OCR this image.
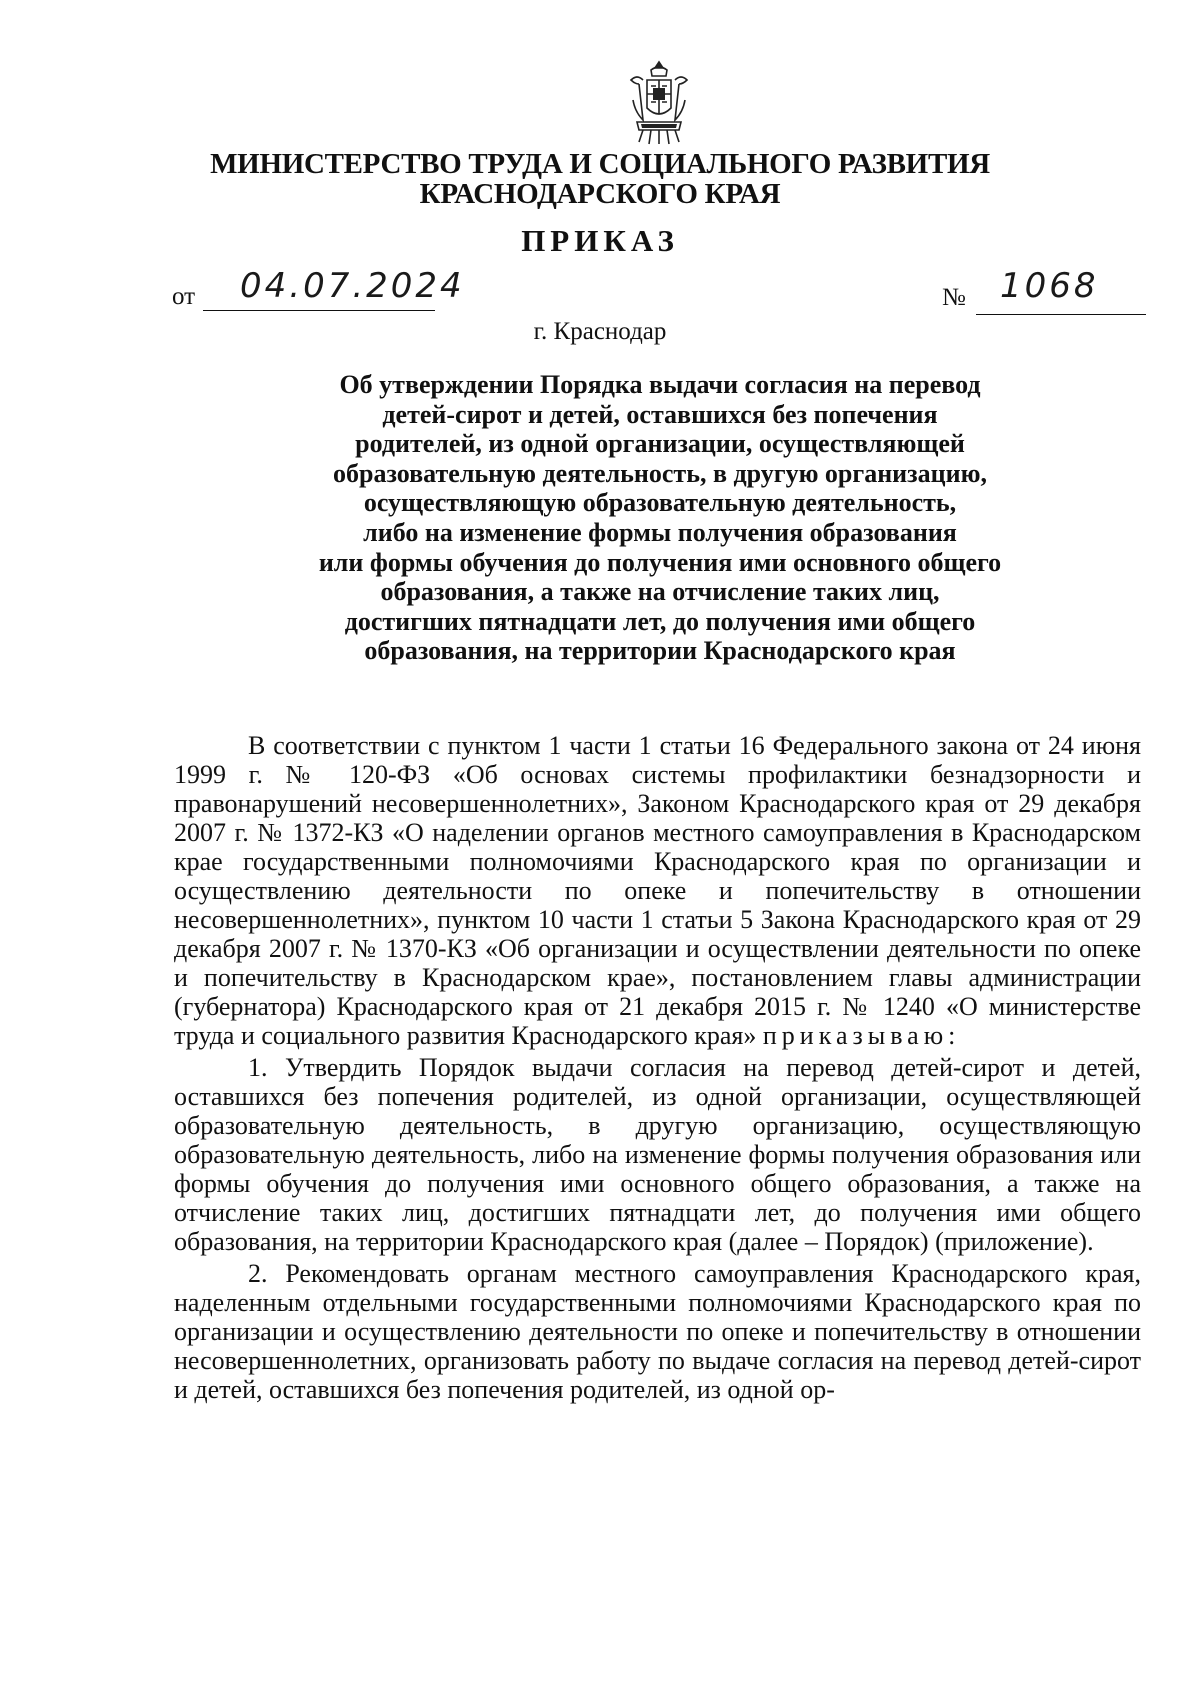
МИНИСТЕРСТВО ТРУДА И СОЦИАЛЬНОГО РАЗВИТИЯ
КРАСНОДАРСКОГО КРАЯ
ПРИКАЗ
от 04.07.2024	№ 1068
г. Краснодар
Об утверждении Порядка выдачи согласия на перевод
детей-сирот и детей, оставшихся без попечения
родителей, из одной организации, осуществляющей
образовательную деятельность, в другую организацию,
осуществляющую образовательную деятельность,
либо на изменение формы получения образования
или формы обучения до получения ими основного общего
образования, а также на отчисление таких лиц,
достигших пятнадцати лет, до получения ими общего
образования, на территории Краснодарского края

В соответствии с пунктом 1 части 1 статьи 16 Федерального закона от 24 июня 1999 г. № 120-ФЗ «Об основах системы профилактики безнадзорности и правонарушений несовершеннолетних», Законом Краснодарского края от 29 декабря 2007 г. № 1372-КЗ «О наделении органов местного самоуправления в Краснодарском крае государственными полномочиями Краснодарского края по организации и осуществлению деятельности по опеке и попечительству в отношении несовершеннолетних», пунктом 10 части 1 статьи 5 Закона Краснодарского края от 29 декабря 2007 г. № 1370-КЗ «Об организации и осуществлении деятельности по опеке и попечительству в Краснодарском крае», постановлением главы администрации (губернатора) Краснодарского края от 21 декабря 2015 г. № 1240 «О министерстве труда и социального развития Краснодарского края» приказываю:

1. Утвердить Порядок выдачи согласия на перевод детей-сирот и детей, оставшихся без попечения родителей, из одной организации, осуществляющей образовательную деятельность, в другую организацию, осуществляющую образовательную деятельность, либо на изменение формы получения образования или формы обучения до получения ими основного общего образования, а также на отчисление таких лиц, достигших пятнадцати лет, до получения ими общего образования, на территории Краснодарского края (далее – Порядок) (приложение).

2. Рекомендовать органам местного самоуправления Краснодарского края, наделенным отдельными государственными полномочиями Краснодарского края по организации и осуществлению деятельности по опеке и попечительству в отношении несовершеннолетних, организовать работу по выдаче согласия на перевод детей-сирот и детей, оставшихся без попечения родителей, из одной ор-
